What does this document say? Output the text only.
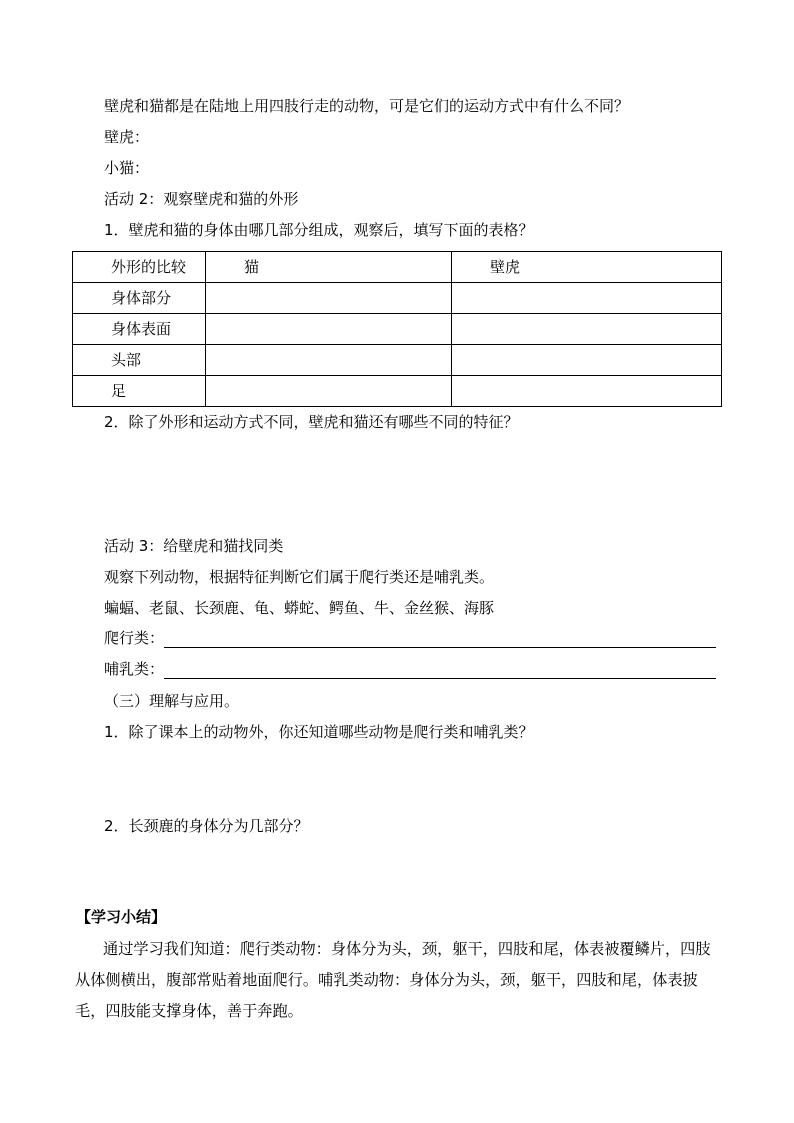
壁虎和猫都是在陆地上用四肢行走的动物，可是它们的运动方式中有什么不同？
壁虎：
小猫：
活动 2：观察壁虎和猫的外形
1．壁虎和猫的身体由哪几部分组成，观察后，填写下面的表格？
外形的比较	猫	壁虎
身体部分		
身体表面		
头部		
足		
2．除了外形和运动方式不同，壁虎和猫还有哪些不同的特征？
活动 3：给壁虎和猫找同类
观察下列动物，根据特征判断它们属于爬行类还是哺乳类。
蝙蝠、老鼠、长颈鹿、龟、蟒蛇、鳄鱼、牛、金丝猴、海豚
爬行类：
哺乳类：
（三）理解与应用。
1．除了课本上的动物外，你还知道哪些动物是爬行类和哺乳类？
2．长颈鹿的身体分为几部分？
【学习小结】
通过学习我们知道：爬行类动物：身体分为头，颈，躯干，四肢和尾，体表被覆鳞片，四肢从体侧横出，腹部常贴着地面爬行。哺乳类动物：身体分为头，颈，躯干，四肢和尾，体表披毛，四肢能支撑身体，善于奔跑。
